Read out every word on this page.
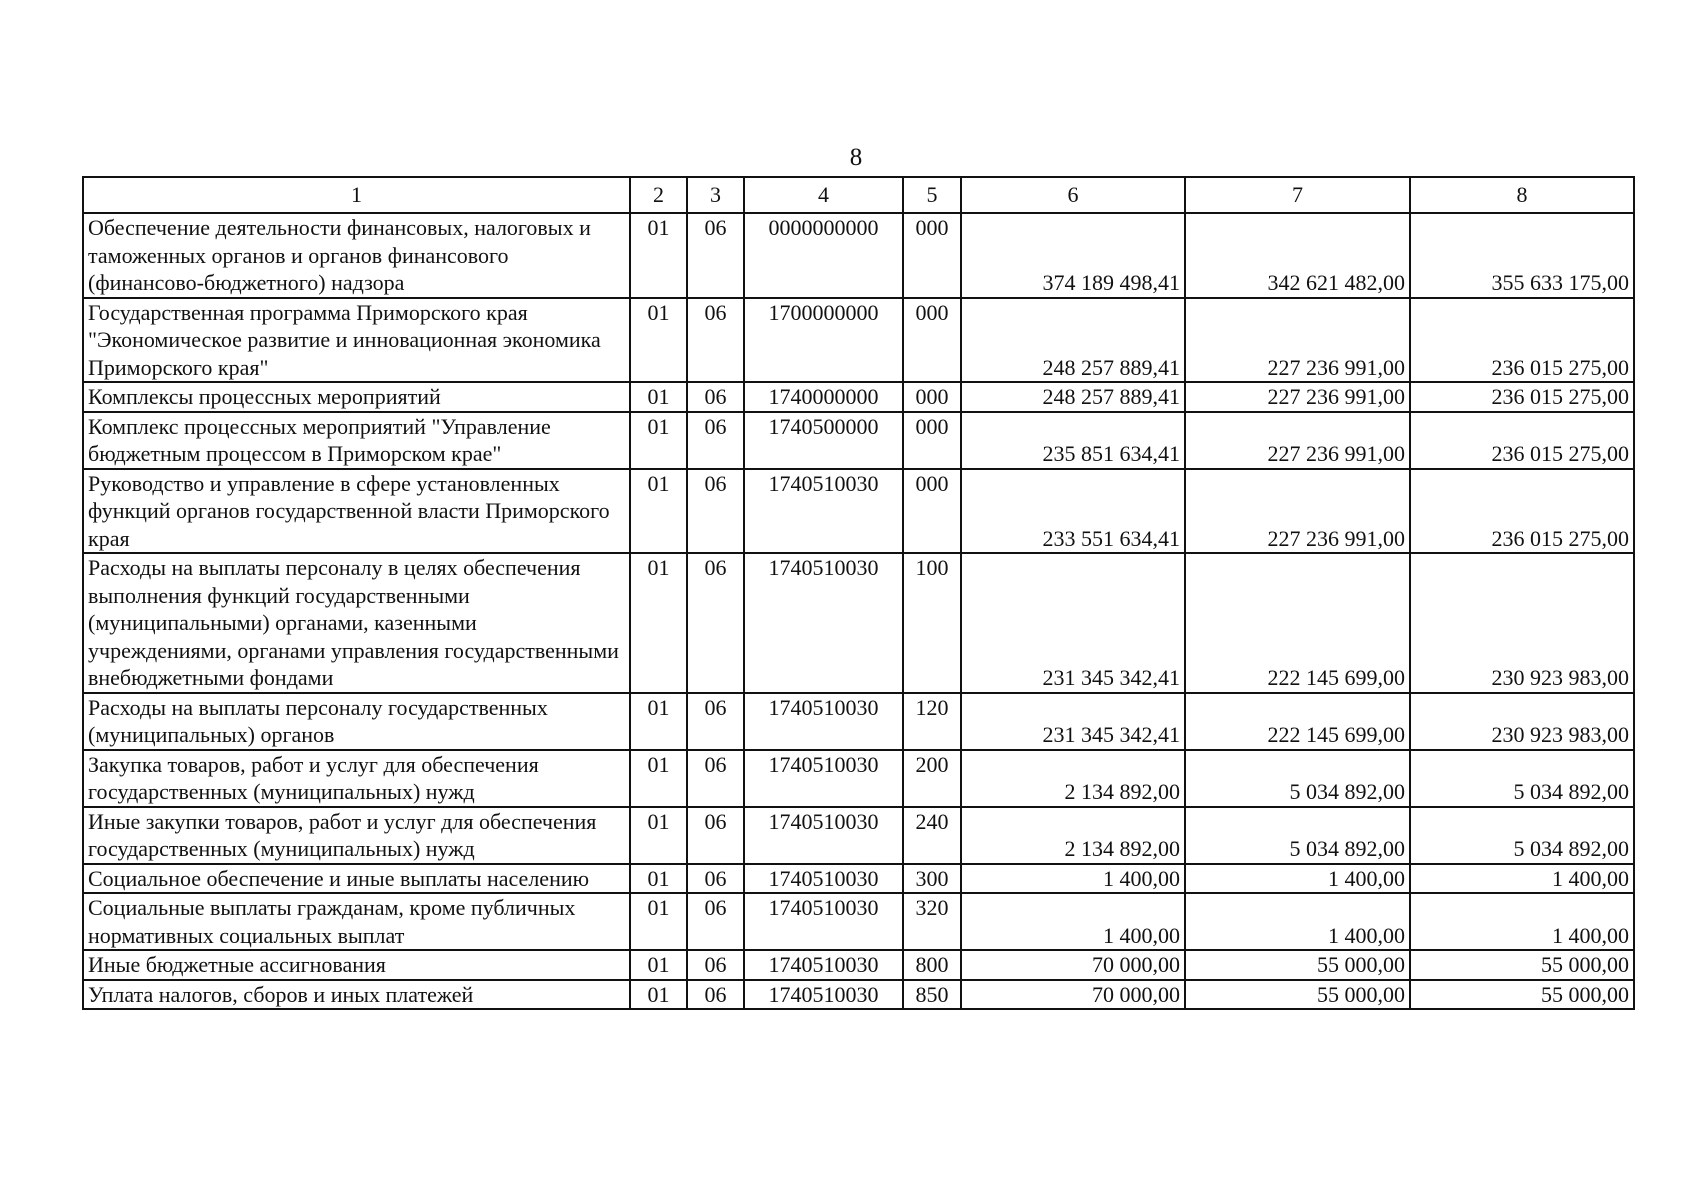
8
1	2	3	4	5	6	7	8
Обеспечение деятельности финансовых, налоговых и таможенных органов и органов финансового (финансово-бюджетного) надзора	01	06	0000000000	000	374 189 498,41	342 621 482,00	355 633 175,00
Государственная программа Приморского края "Экономическое развитие и инновационная экономика Приморского края"	01	06	1700000000	000	248 257 889,41	227 236 991,00	236 015 275,00
Комплексы процессных мероприятий	01	06	1740000000	000	248 257 889,41	227 236 991,00	236 015 275,00
Комплекс процессных мероприятий "Управление бюджетным процессом в Приморском крае"	01	06	1740500000	000	235 851 634,41	227 236 991,00	236 015 275,00
Руководство и управление в сфере установленных функций органов государственной власти Приморского края	01	06	1740510030	000	233 551 634,41	227 236 991,00	236 015 275,00
Расходы на выплаты персоналу в целях обеспечения выполнения функций государственными (муниципальными) органами, казенными учреждениями, органами управления государственными внебюджетными фондами	01	06	1740510030	100	231 345 342,41	222 145 699,00	230 923 983,00
Расходы на выплаты персоналу государственных (муниципальных) органов	01	06	1740510030	120	231 345 342,41	222 145 699,00	230 923 983,00
Закупка товаров, работ и услуг для обеспечения государственных (муниципальных) нужд	01	06	1740510030	200	2 134 892,00	5 034 892,00	5 034 892,00
Иные закупки товаров, работ и услуг для обеспечения государственных (муниципальных) нужд	01	06	1740510030	240	2 134 892,00	5 034 892,00	5 034 892,00
Социальное обеспечение и иные выплаты населению	01	06	1740510030	300	1 400,00	1 400,00	1 400,00
Социальные выплаты гражданам, кроме публичных нормативных социальных выплат	01	06	1740510030	320	1 400,00	1 400,00	1 400,00
Иные бюджетные ассигнования	01	06	1740510030	800	70 000,00	55 000,00	55 000,00
Уплата налогов, сборов и иных платежей	01	06	1740510030	850	70 000,00	55 000,00	55 000,00
